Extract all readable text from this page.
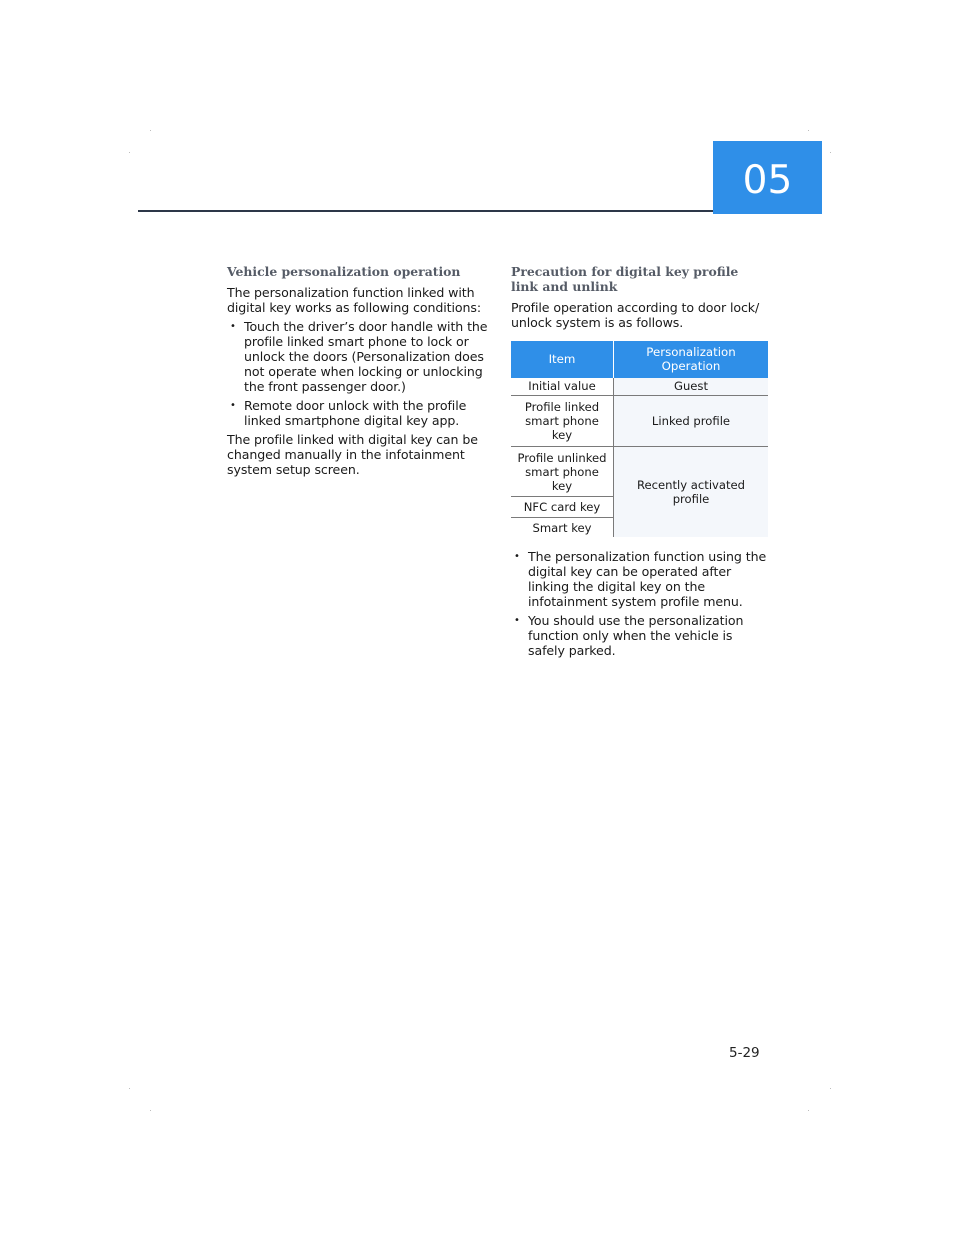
05
Vehicle personalization operation

The personalization function linked with digital key works as following conditions:

• Touch the driver’s door handle with the profile linked smart phone to lock or unlock the doors (Personalization does not operate when locking or unlocking the front passenger door.)
• Remote door unlock with the profile linked smartphone digital key app.

The profile linked with digital key can be changed manually in the infotainment system setup screen.

Precaution for digital key profile link and unlink

Profile operation according to door lock/ unlock system is as follows.

Item	Personalization Operation
Initial value	Guest
Profile linked smart phone key	Linked profile
Profile unlinked smart phone key	Recently activated profile
NFC card key	
Smart key	
• The personalization function using the digital key can be operated after linking the digital key on the infotainment system profile menu.
• You should use the personalization function only when the vehicle is safely parked.
5-29
